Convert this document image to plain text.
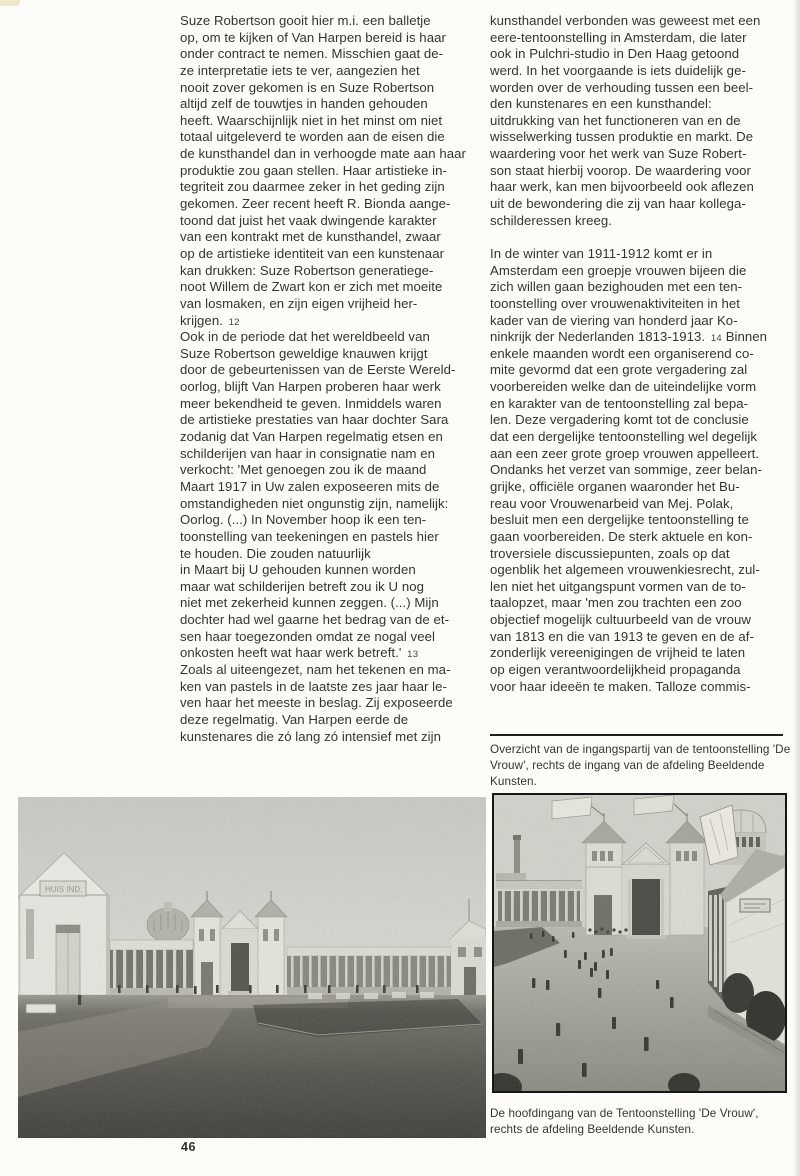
Suze Robertson gooit hier m.i. een balletje
op, om te kijken of Van Harpen bereid is haar
onder contract te nemen. Misschien gaat de-
ze interpretatie iets te ver, aangezien het
nooit zover gekomen is en Suze Robertson
altijd zelf de touwtjes in handen gehouden
heeft. Waarschijnlijk niet in het minst om niet
totaal uitgeleverd te worden aan de eisen die
de kunsthandel dan in verhoogde mate aan haar
produktie zou gaan stellen. Haar artistieke in-
tegriteit zou daarmee zeker in het geding zijn
gekomen. Zeer recent heeft R. Bionda aange-
toond dat juist het vaak dwingende karakter
van een kontrakt met de kunsthandel, zwaar
op de artistieke identiteit van een kunstenaar
kan drukken: Suze Robertson generatiege-
noot Willem de Zwart kon er zich met moeite
van losmaken, en zijn eigen vrijheid her-
krijgen. 12
Ook in de periode dat het wereldbeeld van
Suze Robertson geweldige knauwen krijgt
door de gebeurtenissen van de Eerste Wereld-
oorlog, blijft Van Harpen proberen haar werk
meer bekendheid te geven. Inmiddels waren
de artistieke prestaties van haar dochter Sara
zodanig dat Van Harpen regelmatig etsen en
schilderijen van haar in consignatie nam en
verkocht: 'Met genoegen zou ik de maand
Maart 1917 in Uw zalen exposeeren mits de
omstandigheden niet ongunstig zijn, namelijk:
Oorlog. (...) In November hoop ik een ten-
toonstelling van teekeningen en pastels hier
te houden. Die zouden natuurlijk
in Maart bij U gehouden kunnen worden
maar wat schilderijen betreft zou ik U nog
niet met zekerheid kunnen zeggen. (...) Mijn
dochter had wel gaarne het bedrag van de et-
sen haar toegezonden omdat ze nogal veel
onkosten heeft wat haar werk betreft.' 13
Zoals al uiteengezet, nam het tekenen en ma-
ken van pastels in de laatste zes jaar haar le-
ven haar het meeste in beslag. Zij exposeerde
deze regelmatig. Van Harpen eerde de
kunstenares die zó lang zó intensief met zijn
kunsthandel verbonden was geweest met een
eere-tentoonstelling in Amsterdam, die later
ook in Pulchri-studio in Den Haag getoond
werd. In het voorgaande is iets duidelijk ge-
worden over de verhouding tussen een beel-
den kunstenares en een kunsthandel:
uitdrukking van het functioneren van en de
wisselwerking tussen produktie en markt. De
waardering voor het werk van Suze Robert-
son staat hierbij voorop. De waardering voor
haar werk, kan men bijvoorbeeld ook aflezen
uit de bewondering die zij van haar kollega-
schilderessen kreeg.
In de winter van 1911-1912 komt er in
Amsterdam een groepje vrouwen bijeen die
zich willen gaan bezighouden met een ten-
toonstelling over vrouwenaktiviteiten in het
kader van de viering van honderd jaar Ko-
ninkrijk der Nederlanden 1813-1913. 14 Binnen
enkele maanden wordt een organiserend co-
mite gevormd dat een grote vergadering zal
voorbereiden welke dan de uiteindelijke vorm
en karakter van de tentoonstelling zal bepa-
len. Deze vergadering komt tot de conclusie
dat een dergelijke tentoonstelling wel degelijk
aan een zeer grote groep vrouwen appelleert.
Ondanks het verzet van sommige, zeer belan-
grijke, officiële organen waaronder het Bu-
reau voor Vrouwenarbeid van Mej. Polak,
besluit men een dergelijke tentoonstelling te
gaan voorbereiden. De sterk aktuele en kon-
troversiele discussiepunten, zoals op dat
ogenblik het algemeen vrouwenkiesrecht, zul-
len niet het uitgangspunt vormen van de to-
taalopzet, maar 'men zou trachten een zoo
objectief mogelijk cultuurbeeld van de vrouw
van 1813 en die van 1913 te geven en de af-
zonderlijk vereenigingen de vrijheid te laten
op eigen verantwoordelijkheid propaganda
voor haar ideeën te maken. Talloze commis-
Overzicht van de ingangspartij van de tentoonstelling 'De
Vrouw', rechts de ingang van de afdeling Beeldende
Kunsten.
HUIS IND.
De hoofdingang van de Tentoonstelling 'De Vrouw',
rechts de afdeling Beeldende Kunsten.
46
